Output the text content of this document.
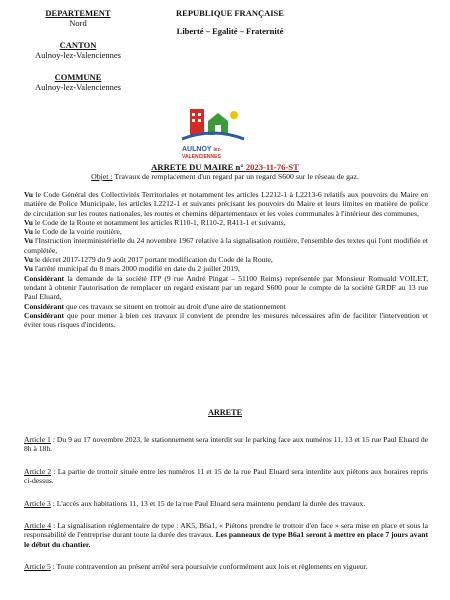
DEPARTEMENT
Nord
CANTON
Aulnoy-lez-Valenciennes
COMMUNE
Aulnoy-lez-Valenciennes
REPUBLIQUE FRANÇAISE
Liberté – Egalité – Fraternité
AULNOY lez-VALENCIENNES
ARRETE DU MAIRE n° 2023-11-76-ST
Objet : Travaux de remplacement d'un regard par un regard S600 sur le réseau de gaz.
Vu le Code Général des Collectivités Territoriales et notamment les articles L2212-1 à L2213-6 relatifs aux pouvoirs du Maire en matière de Police Municipale, les articles L2212-1 et suivants précisant les pouvoirs du Maire et leurs limites en matière de police de circulation sur les routes nationales, les routes et chemins départementaux et les voies communales à l'intérieur des communes,
Vu le Code de la Route et notamment les articles R110-1, R110-2, R411-1 et suivants,
Vu le Code de la voirie routière,
Vu l'Instruction interministérielle du 24 novembre 1967 relative à la signalisation routière, l'ensemble des textes qui l'ont modifiée et complétée,
Vu le décret 2017-1279 du 9 août 2017 portant modification du Code de la Route,
Vu l'arrêté municipal du 8 mars 2000 modifié en date du 2 juillet 2019,
Considérant la demande de la société ITP (9 rue André Pingat – 51100 Reims) représentée par Monsieur Romuald VOILET, tendant à obtenir l'autorisation de remplacer un regard existant par un regard S600 pour le compte de la société GRDF au 13 rue Paul Eluard,
Considérant que ces travaux se situent en trottoir au droit d'une aire de stationnement
Considérant que pour mener à bien ces travaux il convient de prendre les mesures nécessaires afin de faciliter l'intervention et éviter tous risques d'incidents.
ARRETE
Article 1 : Du 9 au 17 novembre 2023, le stationnement sera interdit sur le parking face aux numéros 11, 13 et 15 rue Paul Eluard de 8h à 18h.
Article 2 : La partie de trottoir située entre les numéros 11 et 15 de la rue Paul Eluard sera interdite aux piétons aux horaires repris ci-dessus.
Article 3 : L'accès aux habitations 11, 13 et 15 de la rue Paul Eluard sera maintenu pendant la durée des travaux.
Article 4 : La signalisation réglementaire de type : AK5, B6a1, « Piétons prendre le trottoir d'en face » sera mise en place et sous la responsabilité de l'entreprise durant toute la durée des travaux. Les panneaux de type B6a1 seront à mettre en place 7 jours avant le début du chantier.
Article 5 : Toute contravention au présent arrêté sera poursuivie conformément aux lois et règlements en vigueur.
